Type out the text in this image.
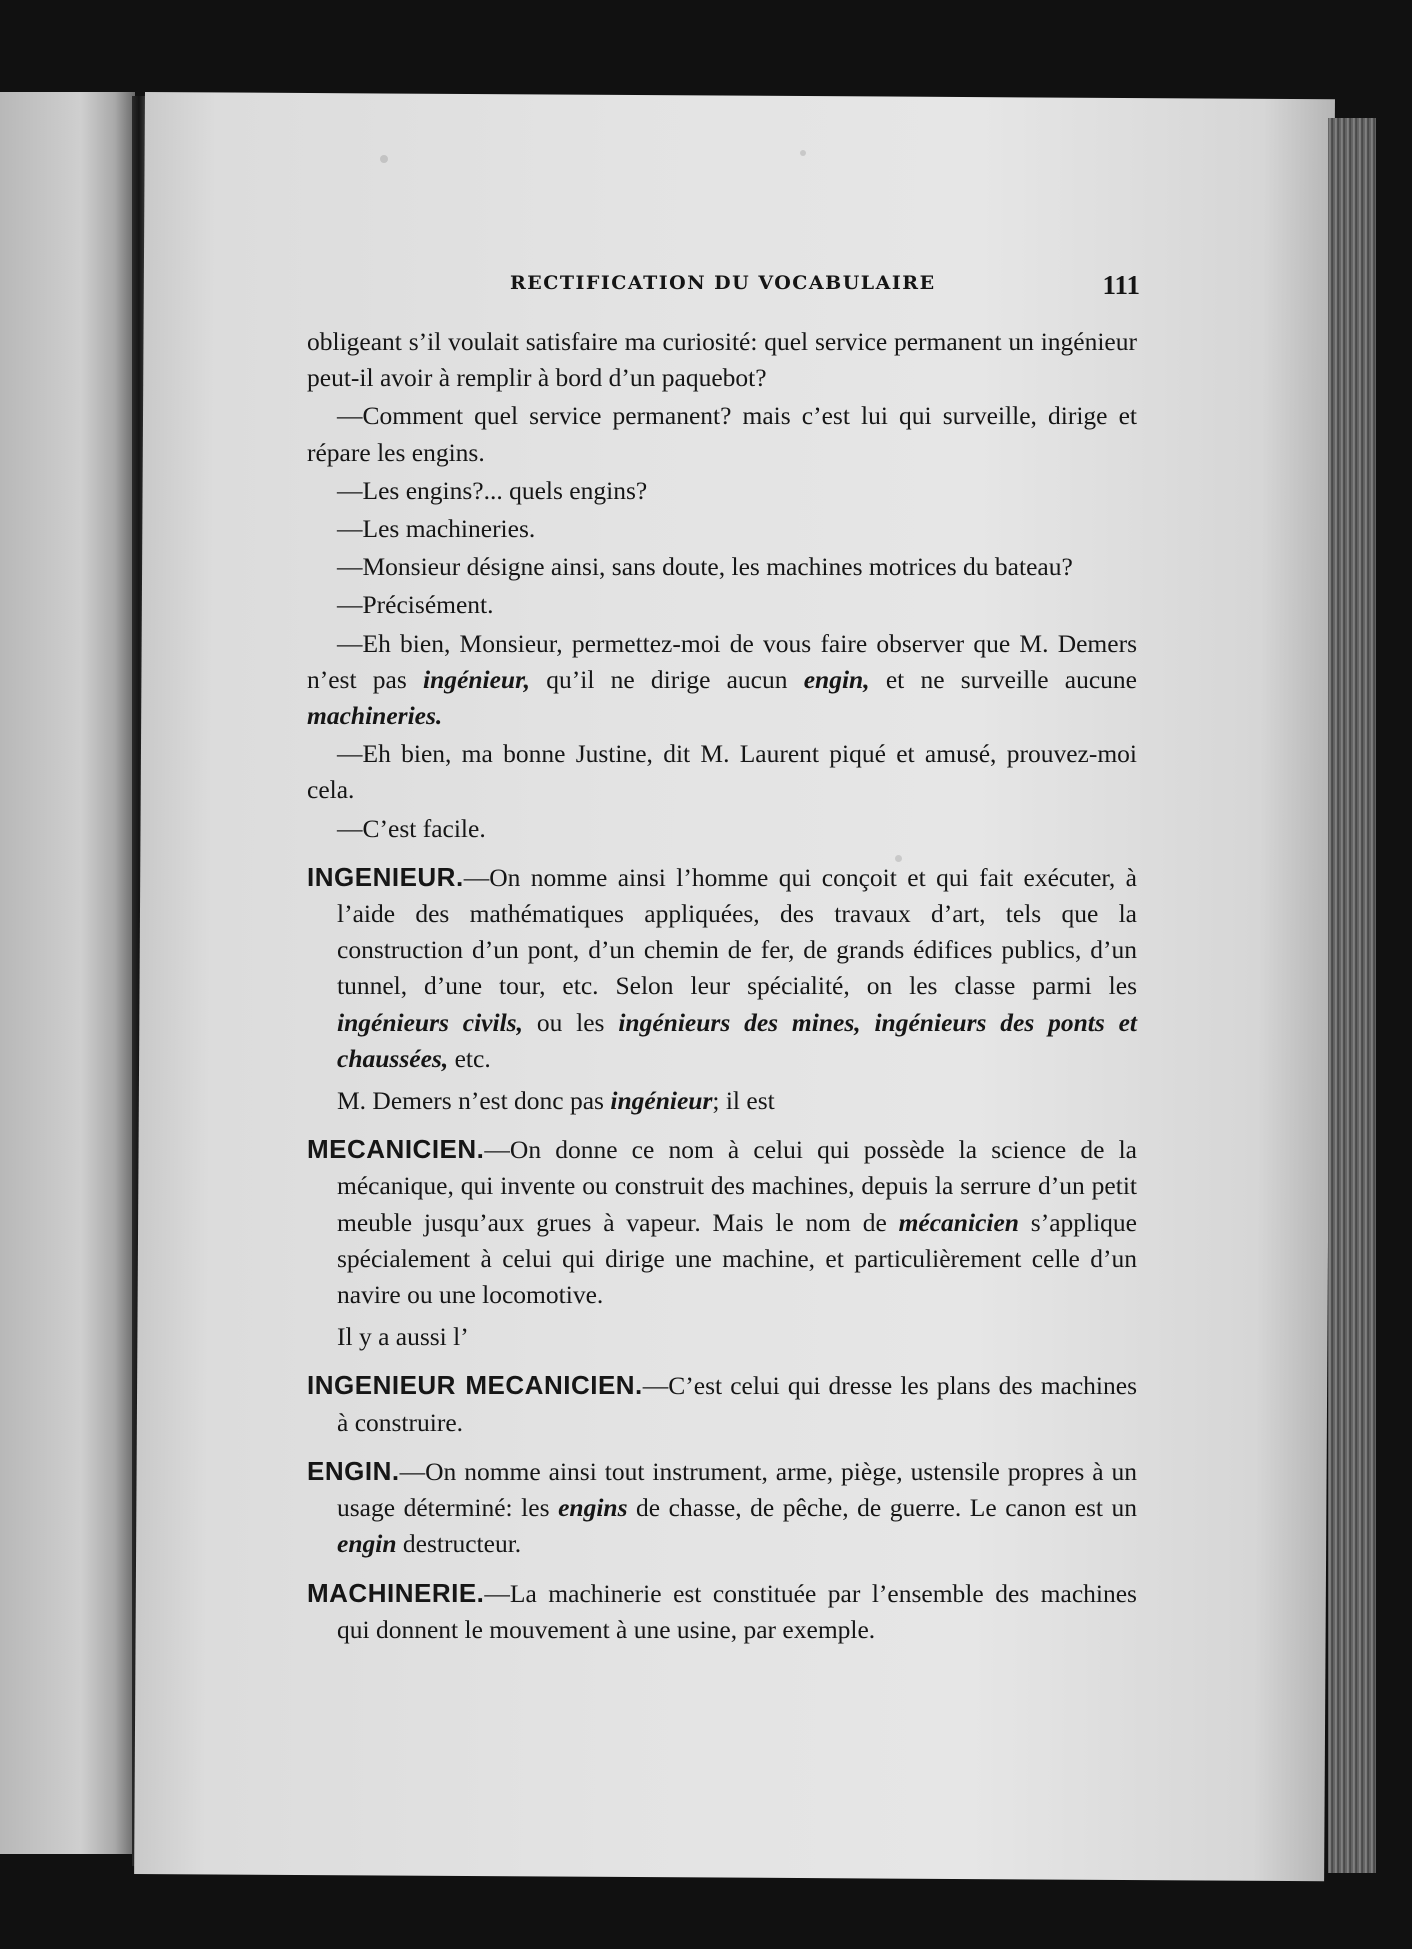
RECTIFICATION DU VOCABULAIRE	111

obligeant s’il voulait satisfaire ma curiosité: quel service permanent un ingénieur peut-il avoir à remplir à bord d’un paquebot?

—Comment quel service permanent? mais c’est lui qui surveille, dirige et répare les engins.

—Les engins?... quels engins?

—Les machineries.

—Monsieur désigne ainsi, sans doute, les machines motrices du bateau?

—Précisément.

—Eh bien, Monsieur, permettez-moi de vous faire observer que M. Demers n’est pas ingénieur, qu’il ne dirige aucun engin, et ne surveille aucune machineries.

—Eh bien, ma bonne Justine, dit M. Laurent piqué et amusé, prouvez-moi cela.

—C’est facile.

INGENIEUR.—On nomme ainsi l’homme qui conçoit et qui fait exécuter, à l’aide des mathématiques appliquées, des travaux d’art, tels que la construction d’un pont, d’un chemin de fer, de grands édifices publics, d’un tunnel, d’une tour, etc. Selon leur spécialité, on les classe parmi les ingénieurs civils, ou les ingénieurs des mines, ingénieurs des ponts et chaussées, etc.

M. Demers n’est donc pas ingénieur; il est

MECANICIEN.—On donne ce nom à celui qui possède la science de la mécanique, qui invente ou construit des machines, depuis la serrure d’un petit meuble jusqu’aux grues à vapeur. Mais le nom de mécanicien s’applique spécialement à celui qui dirige une machine, et particulièrement celle d’un navire ou une locomotive.

Il y a aussi l’

INGENIEUR MECANICIEN.—C’est celui qui dresse les plans des machines à construire.

ENGIN.—On nomme ainsi tout instrument, arme, piège, ustensile propres à un usage déterminé: les engins de chasse, de pêche, de guerre. Le canon est un engin destructeur.

MACHINERIE.—La machinerie est constituée par l’ensemble des machines qui donnent le mouvement à une usine, par exemple.
